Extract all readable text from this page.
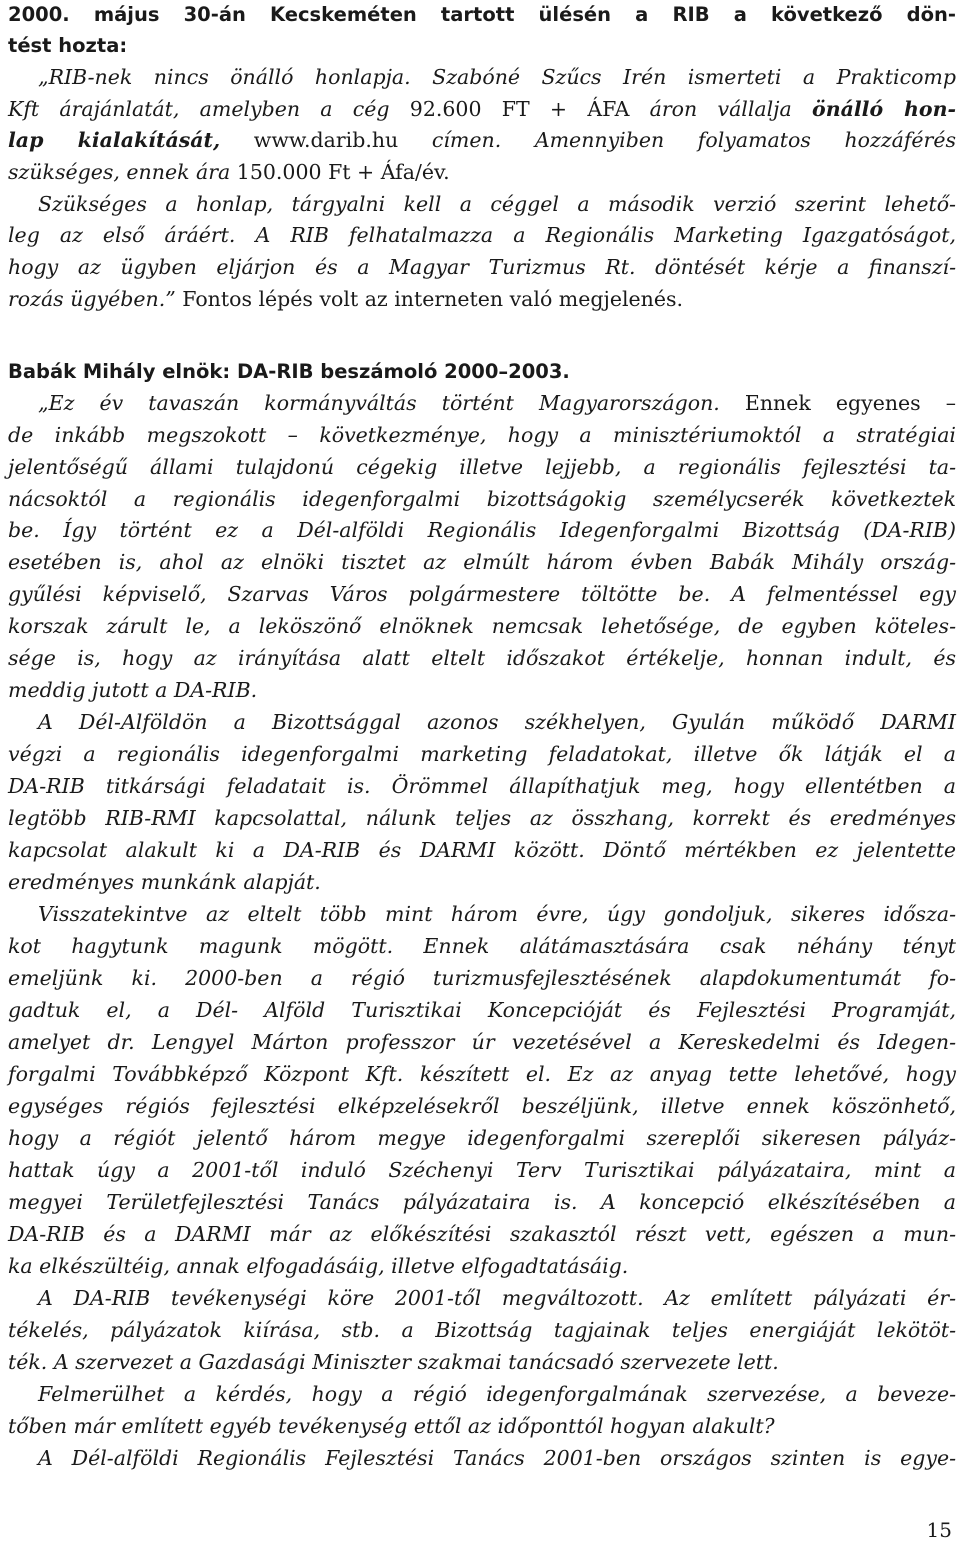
2000. május 30-án Kecskeméten tartott ülésén a RIB a következő dön-
tést hozta:
„RIB-nek nincs önálló honlapja. Szabóné Szűcs Irén ismerteti a Prakticomp
Kft árajánlatát, amelyben a cég 92.600 FT + ÁFA áron vállalja önálló hon-
lap kialakítását, www.darib.hu címen. Amennyiben folyamatos hozzáférés
szükséges, ennek ára 150.000 Ft + Áfa/év.
Szükséges a honlap, tárgyalni kell a céggel a második verzió szerint lehető-
leg az első áráért. A RIB felhatalmazza a Regionális Marketing Igazgatóságot,
hogy az ügyben eljárjon és a Magyar Turizmus Rt. döntését kérje a finanszí-
rozás ügyében.” Fontos lépés volt az interneten való megjelenés.
Babák Mihály elnök: DA-RIB beszámoló 2000–2003.
„Ez év tavaszán kormányváltás történt Magyarországon. Ennek egyenes –
de inkább megszokott – következménye, hogy a minisztériumoktól a stratégiai
jelentőségű állami tulajdonú cégekig illetve lejjebb, a regionális fejlesztési ta-
nácsoktól a regionális idegenforgalmi bizottságokig személycserék következtek
be. Így történt ez a Dél-alföldi Regionális Idegenforgalmi Bizottság (DA-RIB)
esetében is, ahol az elnöki tisztet az elmúlt három évben Babák Mihály ország-
gyűlési képviselő, Szarvas Város polgármestere töltötte be. A felmentéssel egy
korszak zárult le, a leköszönő elnöknek nemcsak lehetősége, de egyben köteles-
sége is, hogy az irányítása alatt eltelt időszakot értékelje, honnan indult, és
meddig jutott a DA-RIB.
A Dél-Alföldön a Bizottsággal azonos székhelyen, Gyulán működő DARMI
végzi a regionális idegenforgalmi marketing feladatokat, illetve ők látják el a
DA-RIB titkársági feladatait is. Örömmel állapíthatjuk meg, hogy ellentétben a
legtöbb RIB-RMI kapcsolattal, nálunk teljes az összhang, korrekt és eredményes
kapcsolat alakult ki a DA-RIB és DARMI között. Döntő mértékben ez jelentette
eredményes munkánk alapját.
Visszatekintve az eltelt több mint három évre, úgy gondoljuk, sikeres idősza-
kot hagytunk magunk mögött. Ennek alátámasztására csak néhány tényt
emeljünk ki. 2000-ben a régió turizmusfejlesztésének alapdokumentumát fo-
gadtuk el, a Dél- Alföld Turisztikai Koncepcióját és Fejlesztési Programját,
amelyet dr. Lengyel Márton professzor úr vezetésével a Kereskedelmi és Idegen-
forgalmi Továbbképző Központ Kft. készített el. Ez az anyag tette lehetővé, hogy
egységes régiós fejlesztési elképzelésekről beszéljünk, illetve ennek köszönhető,
hogy a régiót jelentő három megye idegenforgalmi szereplői sikeresen pályáz-
hattak úgy a 2001-től induló Széchenyi Terv Turisztikai pályázataira, mint a
megyei Területfejlesztési Tanács pályázataira is. A koncepció elkészítésében a
DA-RIB és a DARMI már az előkészítési szakasztól részt vett, egészen a mun-
ka elkészültéig, annak elfogadásáig, illetve elfogadtatásáig.
A DA-RIB tevékenységi köre 2001-től megváltozott. Az említett pályázati ér-
tékelés, pályázatok kiírása, stb. a Bizottság tagjainak teljes energiáját lekötöt-
ték. A szervezet a Gazdasági Miniszter szakmai tanácsadó szervezete lett.
Felmerülhet a kérdés, hogy a régió idegenforgalmának szervezése, a beveze-
tőben már említett egyéb tevékenység ettől az időponttól hogyan alakult?
A Dél-alföldi Regionális Fejlesztési Tanács 2001-ben országos szinten is egye-
15
